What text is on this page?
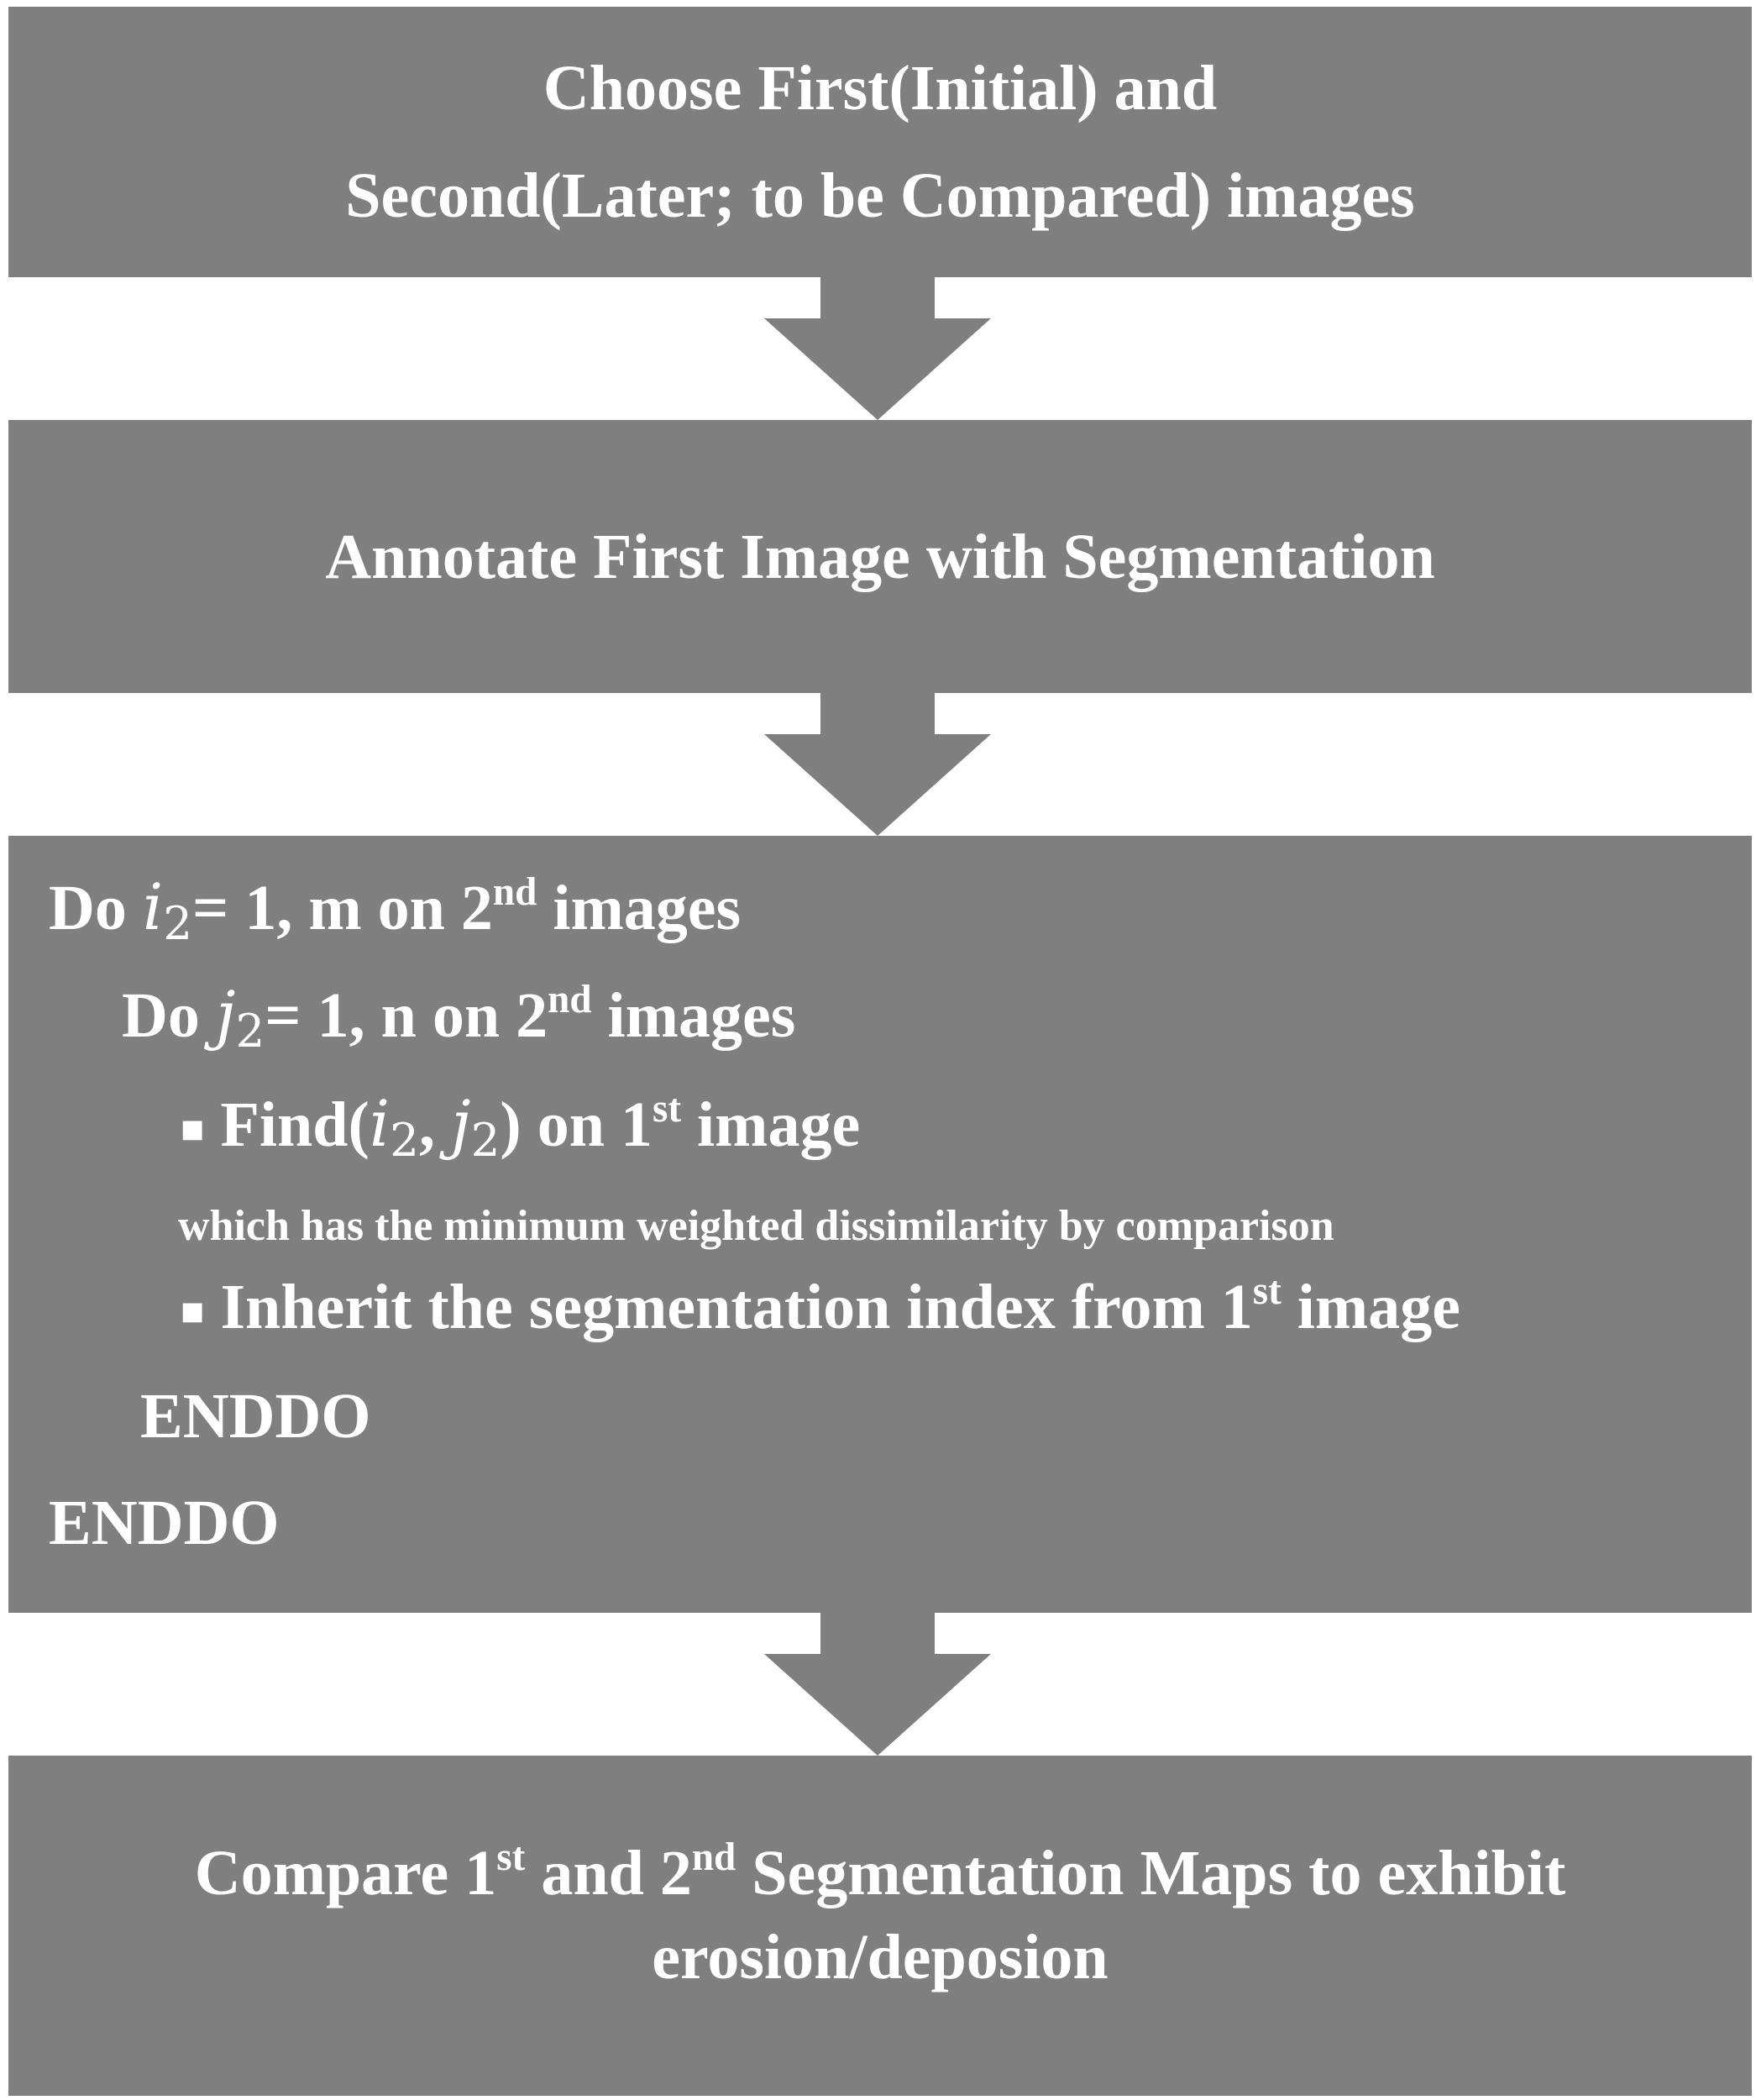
Choose First(Initial) and
Second(Later; to be Compared) images
Annotate First Image with Segmentation
Do $i_2= 1$, m on 2nd images
Do $j_2= 1$, n on 2nd images
■ $Find(i_2$, $j_2$) on 1st image
which has the minimum weighted dissimilarity by comparison
■ Inherit the segmentation index from 1st image
ENDDO
ENDDO
Compare 1st and 2nd Segmentation Maps to exhibit
erosion/deposion
